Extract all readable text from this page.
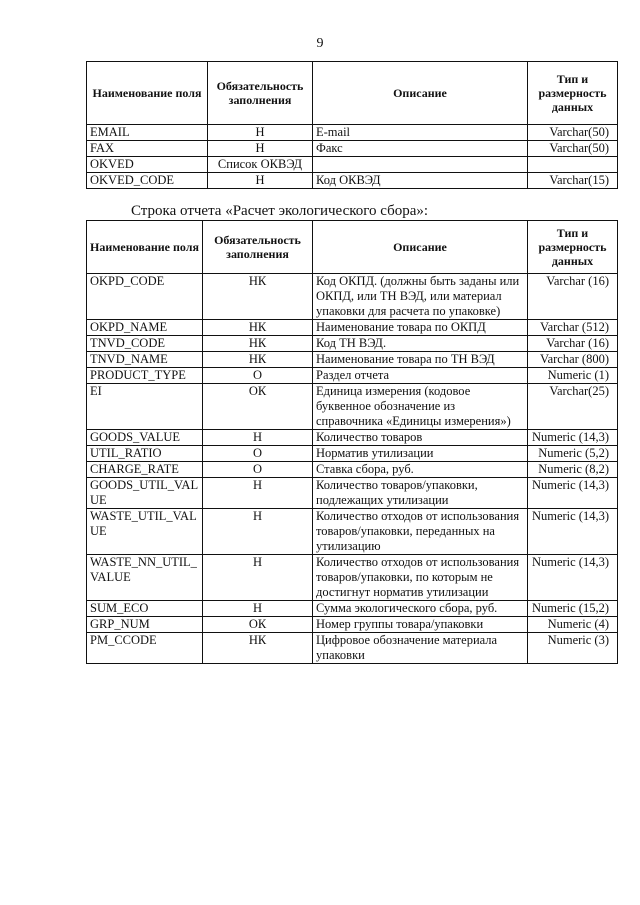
9
Наименование поля	Обязательность заполнения	Описание	Тип и размерность данных
EMAIL	Н	E-mail	Varchar(50)
FAX	Н	Факс	Varchar(50)
OKVED	Список ОКВЭД		
OKVED_CODE	Н	Код ОКВЭД	Varchar(15)
Строка отчета «Расчет экологического сбора»:
Наименование поля	Обязательность заполнения	Описание	Тип и размерность данных
OKPD_CODE	НК	Код ОКПД. (должны быть заданы или ОКПД, или ТН ВЭД, или материал упаковки для расчета по упаковке)	Varchar (16)
OKPD_NAME	НК	Наименование товара по ОКПД	Varchar (512)
TNVD_CODE	НК	Код ТН ВЭД.	Varchar (16)
TNVD_NAME	НК	Наименование товара по ТН ВЭД	Varchar (800)
PRODUCT_TYPE	О	Раздел отчета	Numeric (1)
EI	ОК	Единица измерения (кодовое буквенное обозначение из справочника «Единицы измерения»)	Varchar(25)
GOODS_VALUE	Н	Количество товаров	Numeric (14,3)
UTIL_RATIO	О	Норматив утилизации	Numeric (5,2)
CHARGE_RATE	О	Ставка сбора, руб.	Numeric (8,2)
GOODS_UTIL_VALUE	Н	Количество товаров/упаковки, подлежащих утилизации	Numeric (14,3)
WASTE_UTIL_VALUE	Н	Количество отходов от использования товаров/упаковки, переданных на утилизацию	Numeric (14,3)
WASTE_NN_UTIL_VALUE	Н	Количество отходов от использования товаров/упаковки, по которым не достигнут норматив утилизации	Numeric (14,3)
SUM_ECO	Н	Сумма экологического сбора, руб.	Numeric (15,2)
GRP_NUM	ОК	Номер группы товара/упаковки	Numeric (4)
PM_CCODE	НК	Цифровое обозначение материала упаковки	Numeric (3)
